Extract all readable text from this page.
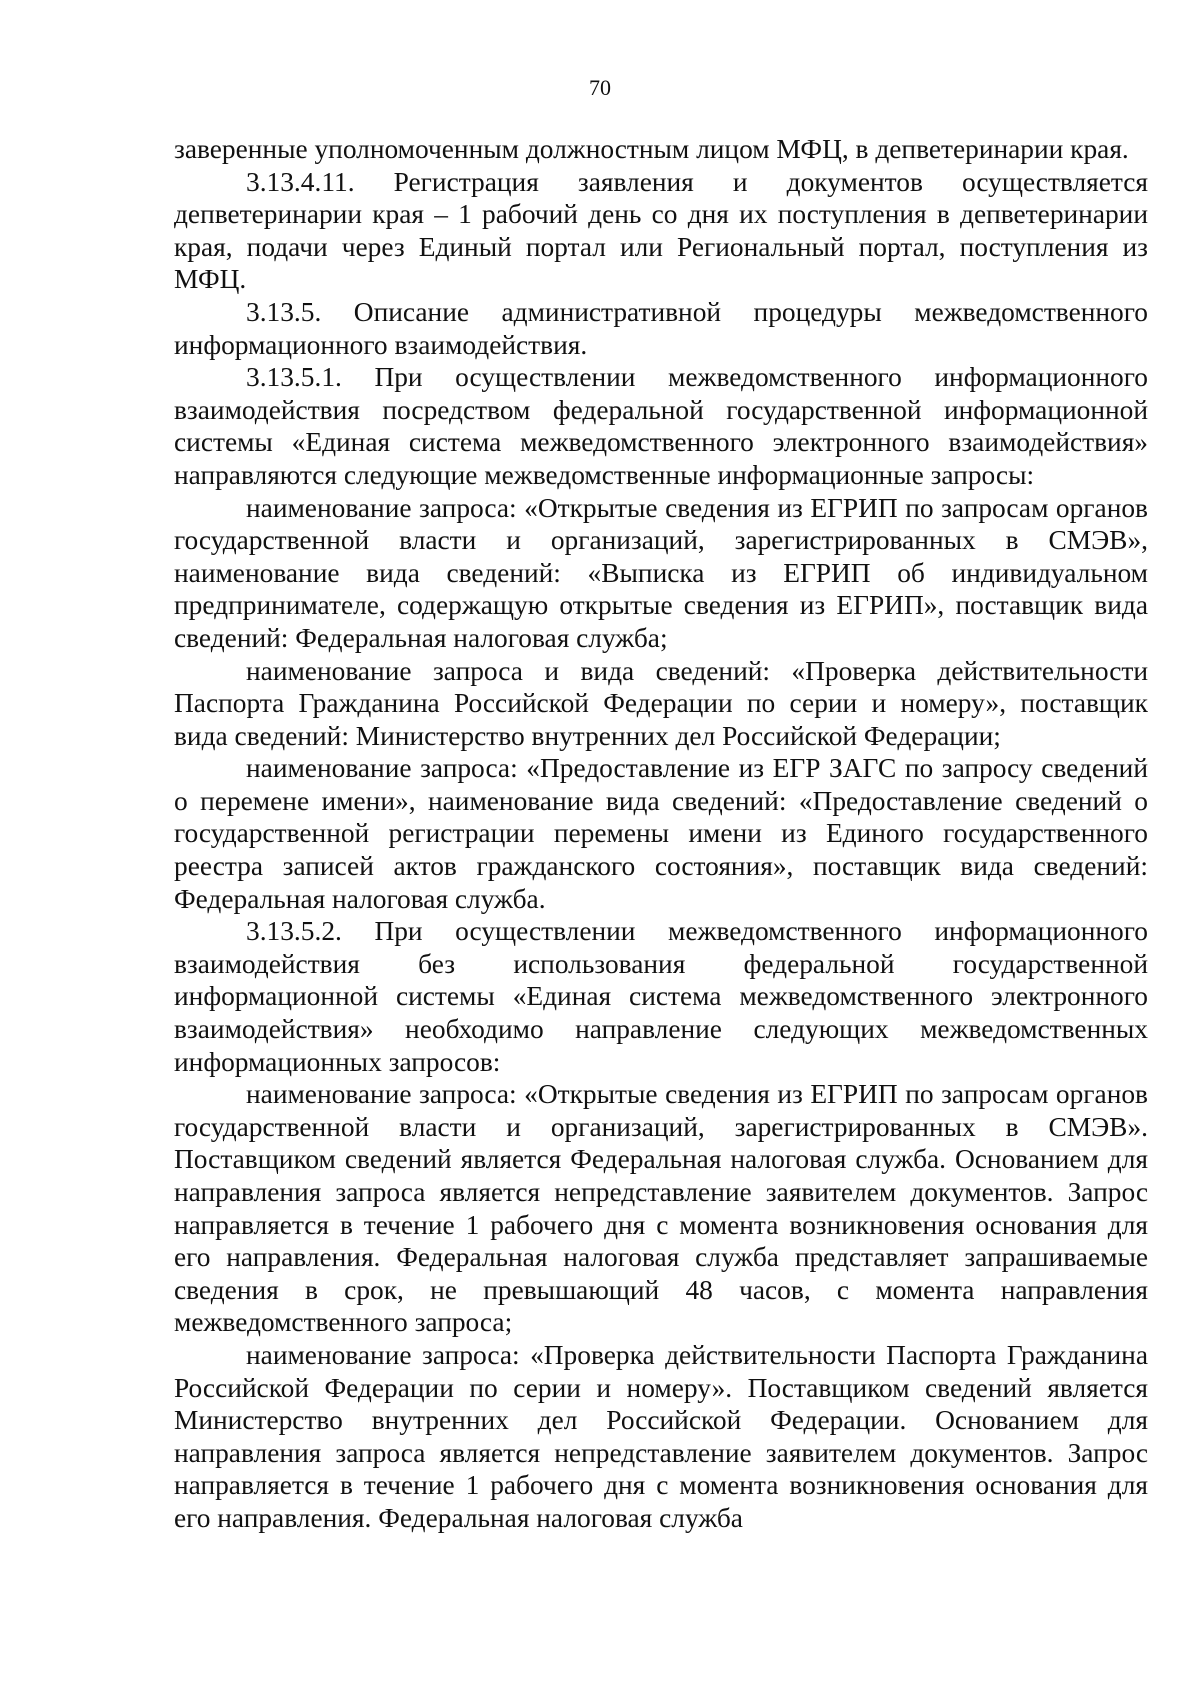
70

заверенные уполномоченным должностным лицом МФЦ, в депветеринарии края.

3.13.4.11. Регистрация заявления и документов осуществляется депветеринарии края – 1 рабочий день со дня их поступления в депветеринарии края, подачи через Единый портал или Региональный портал, поступления из МФЦ.

3.13.5. Описание административной процедуры межведомственного информационного взаимодействия.

3.13.5.1. При осуществлении межведомственного информационного взаимодействия посредством федеральной государственной информационной системы «Единая система межведомственного электронного взаимодействия» направляются следующие межведомственные информационные запросы:

наименование запроса: «Открытые сведения из ЕГРИП по запросам органов государственной власти и организаций, зарегистрированных в СМЭВ», наименование вида сведений: «Выписка из ЕГРИП об индивидуальном предпринимателе, содержащую открытые сведения из ЕГРИП», поставщик вида сведений: Федеральная налоговая служба;

наименование запроса и вида сведений: «Проверка действительности Паспорта Гражданина Российской Федерации по серии и номеру», поставщик вида сведений: Министерство внутренних дел Российской Федерации;

наименование запроса: «Предоставление из ЕГР ЗАГС по запросу сведений о перемене имени», наименование вида сведений: «Предоставление сведений о государственной регистрации перемены имени из Единого государственного реестра записей актов гражданского состояния», поставщик вида сведений: Федеральная налоговая служба.

3.13.5.2. При осуществлении межведомственного информационного взаимодействия без использования федеральной государственной информационной системы «Единая система межведомственного электронного взаимодействия» необходимо направление следующих межведомственных информационных запросов:

наименование запроса: «Открытые сведения из ЕГРИП по запросам органов государственной власти и организаций, зарегистрированных в СМЭВ». Поставщиком сведений является Федеральная налоговая служба. Основанием для направления запроса является непредставление заявителем документов. Запрос направляется в течение 1 рабочего дня с момента возникновения основания для его направления. Федеральная налоговая служба представляет запрашиваемые сведения в срок, не превышающий 48 часов, с момента направления межведомственного запроса;

наименование запроса: «Проверка действительности Паспорта Гражданина Российской Федерации по серии и номеру». Поставщиком сведений является Министерство внутренних дел Российской Федерации. Основанием для направления запроса является непредставление заявителем документов. Запрос направляется в течение 1 рабочего дня с момента возникновения основания для его направления. Федеральная налоговая служба
